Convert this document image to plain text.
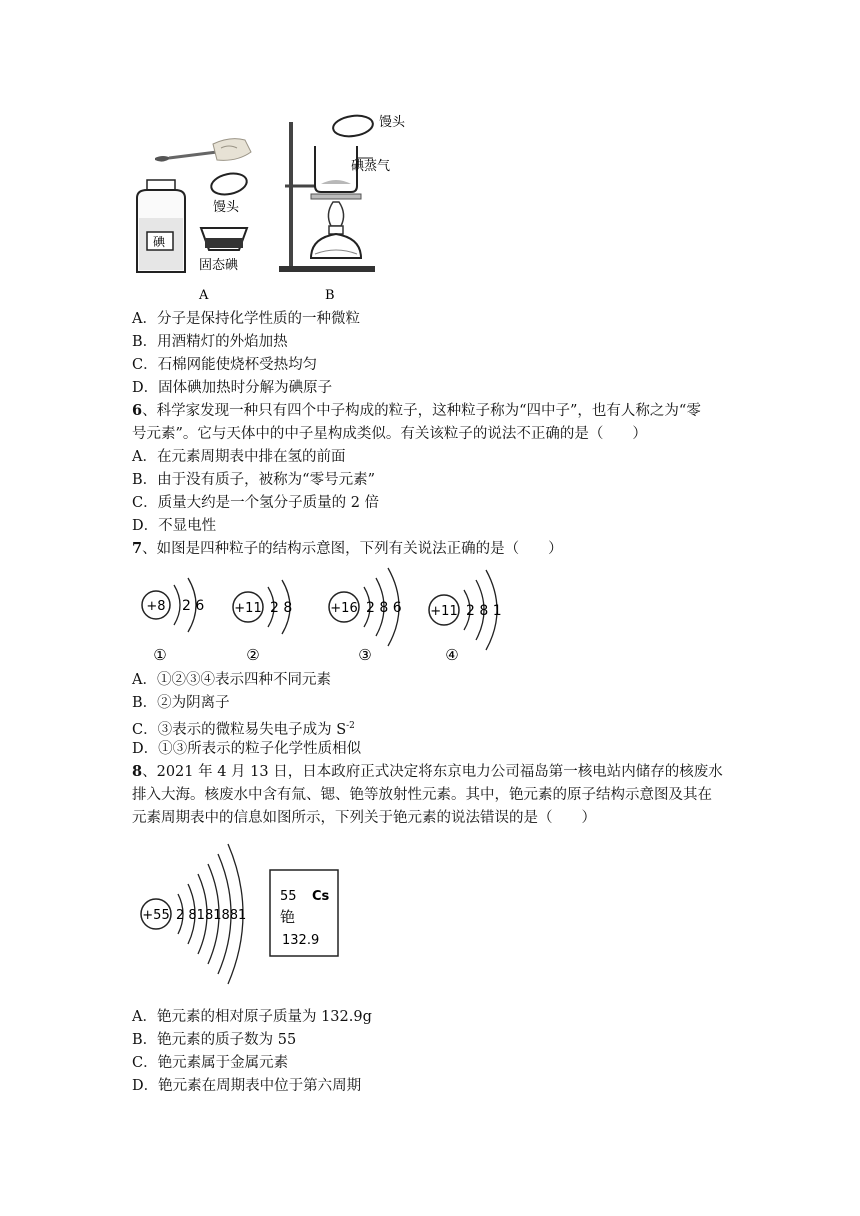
馒头
碘
固态碘
A
馒头
碘蒸气
B
A．分子是保持化学性质的一种微粒
B．用酒精灯的外焰加热
C．石棉网能使烧杯受热均匀
D．固体碘加热时分解为碘原子
6、科学家发现一种只有四个中子构成的粒子，这种粒子称为“四中子”，也有人称之为“零
号元素”。它与天体中的中子星构成类似。有关该粒子的说法不正确的是（　　）
A．在元素周期表中排在氢的前面
B．由于没有质子，被称为“零号元素”
C．质量大约是一个氢分子质量的 2 倍
D．不显电性
7、如图是四种粒子的结构示意图，下列有关说法正确的是（　　）
+8 2 6
①
+11 2 8
②
+16 2 8 6
③
+11 2 8 1
④
A．①②③④表示四种不同元素
B．②为阴离子
C．③表示的微粒易失电子成为 $S^{-2}$
D．①③所表示的粒子化学性质相似
8、2021 年 4 月 13 日，日本政府正式决定将东京电力公司福岛第一核电站内储存的核废水
排入大海。核废水中含有氚、锶、铯等放射性元素。其中，铯元素的原子结构示意图及其在
元素周期表中的信息如图所示，下列关于铯元素的说法错误的是（　　）
+55 2 8181881
55 Cs
铯
132.9
A．铯元素的相对原子质量为 132.9g
B．铯元素的质子数为 55
C．铯元素属于金属元素
D．铯元素在周期表中位于第六周期
